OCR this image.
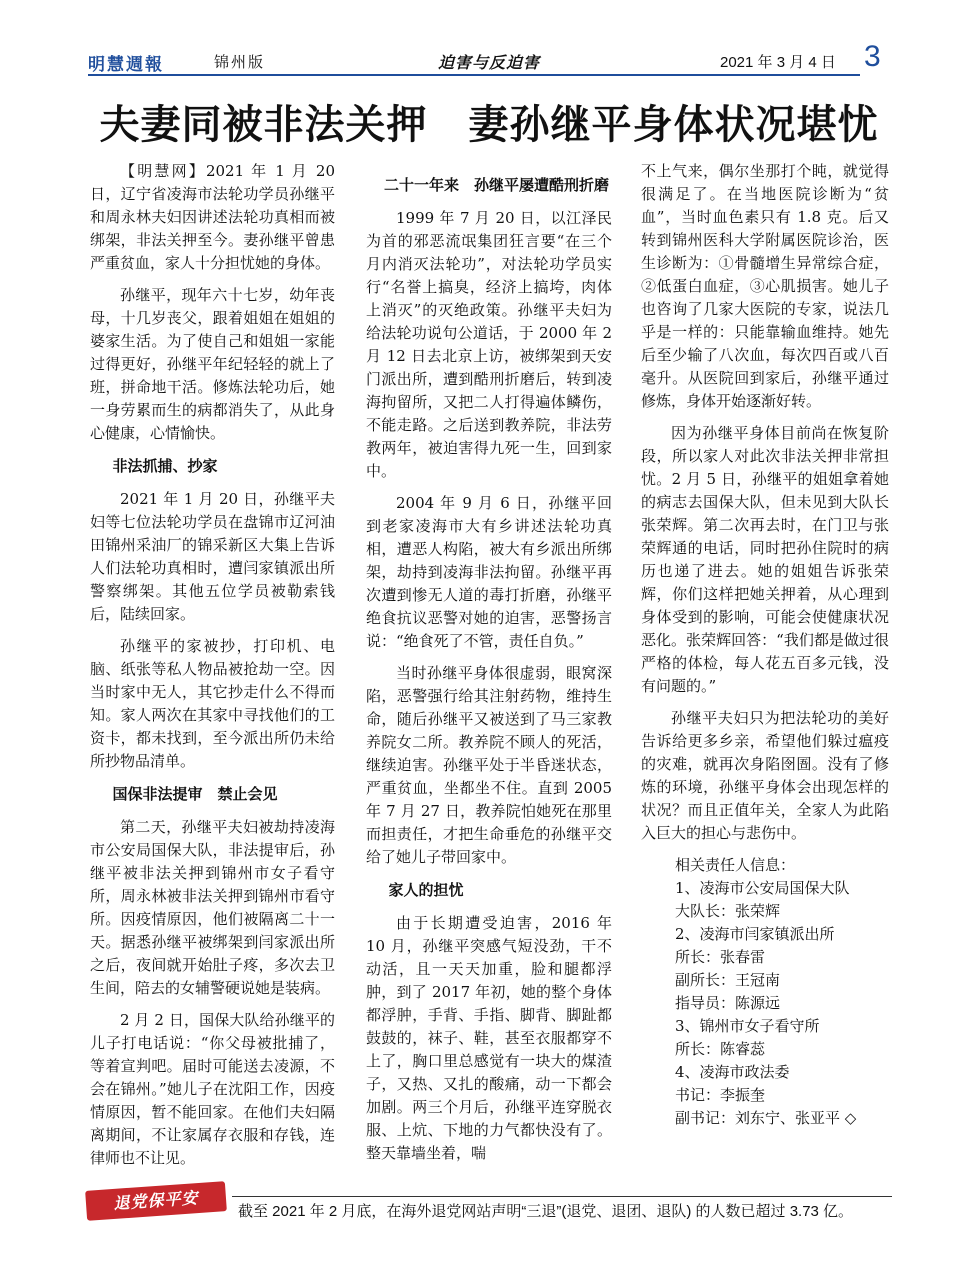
明慧週報	锦州版	迫害与反迫害	2021 年 3 月 4 日 3
夫妻同被非法关押　妻孙继平身体状况堪忧

【明慧网】2021 年 1 月 20 日，辽宁省凌海市法轮功学员孙继平和周永林夫妇因讲述法轮功真相而被绑架，非法关押至今。妻孙继平曾患严重贫血，家人十分担忧她的身体。

孙继平，现年六十七岁，幼年丧母，十几岁丧父，跟着姐姐在姐姐的婆家生活。为了使自己和姐姐一家能过得更好，孙继平年纪轻轻的就上了班，拼命地干活。修炼法轮功后，她一身劳累而生的病都消失了，从此身心健康，心情愉快。

非法抓捕、抄家

2021 年 1 月 20 日，孙继平夫妇等七位法轮功学员在盘锦市辽河油田锦州采油厂的锦采新区大集上告诉人们法轮功真相时，遭闫家镇派出所警察绑架。其他五位学员被勒索钱后，陆续回家。

孙继平的家被抄，打印机、电脑、纸张等私人物品被抢劫一空。因当时家中无人，其它抄走什么不得而知。家人两次在其家中寻找他们的工资卡，都未找到，至今派出所仍未给所抄物品清单。

国保非法提审　禁止会见

第二天，孙继平夫妇被劫持凌海市公安局国保大队，非法提审后，孙继平被非法关押到锦州市女子看守所，周永林被非法关押到锦州市看守所。因疫情原因，他们被隔离二十一天。据悉孙继平被绑架到闫家派出所之后，夜间就开始肚子疼，多次去卫生间，陪去的女辅警硬说她是装病。

2 月 2 日，国保大队给孙继平的儿子打电话说：“你父母被批捕了，等着宣判吧。届时可能送去凌源，不会在锦州。”她儿子在沈阳工作，因疫情原因，暂不能回家。在他们夫妇隔离期间，不让家属存衣服和存钱，连律师也不让见。

二十一年来　孙继平屡遭酷刑折磨

1999 年 7 月 20 日，以江泽民为首的邪恶流氓集团狂言要“在三个月内消灭法轮功”，对法轮功学员实行“名誉上搞臭，经济上搞垮，肉体上消灭”的灭绝政策。孙继平夫妇为给法轮功说句公道话，于 2000 年 2 月 12 日去北京上访，被绑架到天安门派出所，遭到酷刑折磨后，转到凌海拘留所，又把二人打得遍体鳞伤，不能走路。之后送到教养院，非法劳教两年，被迫害得九死一生，回到家中。

2004 年 9 月 6 日，孙继平回到老家凌海市大有乡讲述法轮功真相，遭恶人构陷，被大有乡派出所绑架，劫持到凌海非法拘留。孙继平再次遭到惨无人道的毒打折磨，孙继平绝食抗议恶警对她的迫害，恶警扬言说：“绝食死了不管，责任自负。”

当时孙继平身体很虚弱，眼窝深陷，恶警强行给其注射药物，维持生命，随后孙继平又被送到了马三家教养院女二所。教养院不顾人的死活，继续迫害。孙继平处于半昏迷状态，严重贫血，坐都坐不住。直到 2005 年 7 月 27 日，教养院怕她死在那里而担责任，才把生命垂危的孙继平交给了她儿子带回家中。

家人的担忧

由于长期遭受迫害，2016 年 10 月，孙继平突感气短没劲，干不动活，且一天天加重，脸和腿都浮肿，到了 2017 年初，她的整个身体都浮肿，手背、手指、脚背、脚趾都鼓鼓的，袜子、鞋，甚至衣服都穿不上了，胸口里总感觉有一块大的煤渣子，又热、又扎的酸痛，动一下都会加剧。两三个月后，孙继平连穿脱衣服、上炕、下地的力气都快没有了。整天靠墙坐着，喘

不上气来，偶尔坐那打个盹，就觉得很满足了。在当地医院诊断为“贫血”，当时血色素只有 1.8 克。后又转到锦州医科大学附属医院诊治，医生诊断为：①骨髓增生异常综合症，②低蛋白血症，③心肌损害。她儿子也咨询了几家大医院的专家，说法几乎是一样的：只能靠输血维持。她先后至少输了八次血，每次四百或八百毫升。从医院回到家后，孙继平通过修炼，身体开始逐渐好转。

因为孙继平身体目前尚在恢复阶段，所以家人对此次非法关押非常担忧。2 月 5 日，孙继平的姐姐拿着她的病志去国保大队，但未见到大队长张荣辉。第二次再去时，在门卫与张荣辉通的电话，同时把孙住院时的病历也递了进去。她的姐姐告诉张荣辉，你们这样把她关押着，从心理到身体受到的影响，可能会使健康状况恶化。张荣辉回答：“我们都是做过很严格的体检，每人花五百多元钱，没有问题的。”

孙继平夫妇只为把法轮功的美好告诉给更多乡亲，希望他们躲过瘟疫的灾难，就再次身陷囹圄。没有了修炼的环境，孙继平身体会出现怎样的状况？而且正值年关，全家人为此陷入巨大的担心与悲伤中。

相关责任人信息：
1、凌海市公安局国保大队
大队长：张荣辉
2、凌海市闫家镇派出所
所长：张春雷
副所长：王冠南
指导员：陈源远
3、锦州市女子看守所
所长：陈睿蕊
4、凌海市政法委
书记：李振奎
副书记：刘东宁、张亚平 ◇
退党保平安	截至 2021 年 2 月底，在海外退党网站声明“三退”(退党、退团、退队) 的人数已超过 3.73 亿。
